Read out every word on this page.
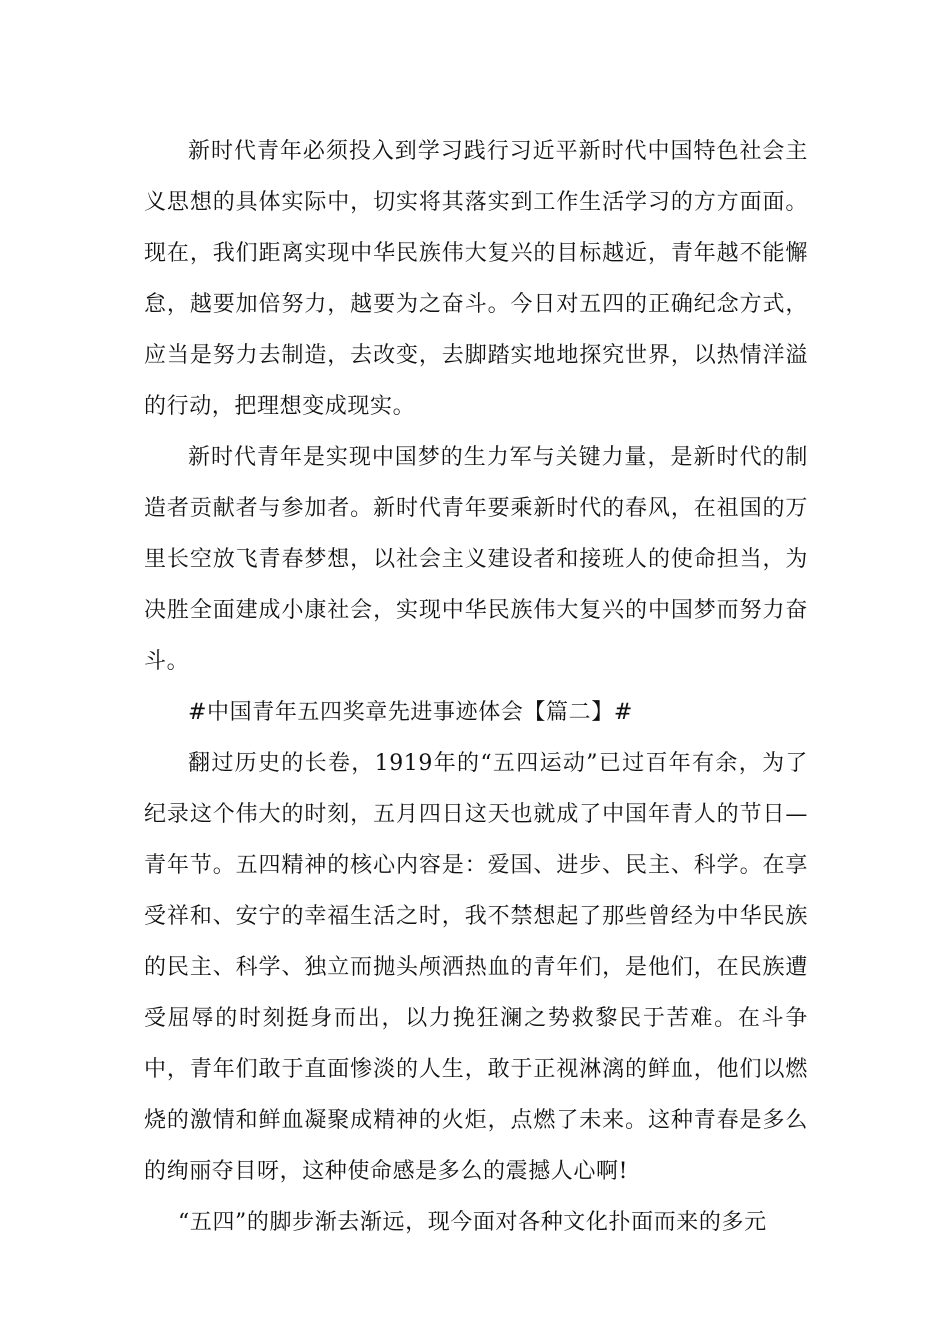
新时代青年必须投入到学习践行习近平新时代中国特色社会主义思想的具体实际中，切实将其落实到工作生活学习的方方面面。现在，我们距离实现中华民族伟大复兴的目标越近，青年越不能懈怠，越要加倍努力，越要为之奋斗。今日对五四的正确纪念方式，应当是努力去制造，去改变，去脚踏实地地探究世界，以热情洋溢的行动，把理想变成现实。

新时代青年是实现中国梦的生力军与关键力量，是新时代的制造者贡献者与参加者。新时代青年要乘新时代的春风，在祖国的万里长空放飞青春梦想，以社会主义建设者和接班人的使命担当，为决胜全面建成小康社会，实现中华民族伟大复兴的中国梦而努力奋斗。

#中国青年五四奖章先进事迹体会【篇二】#

翻过历史的长卷，1919年的“五四运动”已过百年有余，为了纪录这个伟大的时刻，五月四日这天也就成了中国年青人的节日—青年节。五四精神的核心内容是：爱国、进步、民主、科学。在享受祥和、安宁的幸福生活之时，我不禁想起了那些曾经为中华民族的民主、科学、独立而抛头颅洒热血的青年们，是他们，在民族遭受屈辱的时刻挺身而出，以力挽狂澜之势救黎民于苦难。在斗争中，青年们敢于直面惨淡的人生，敢于正视淋漓的鲜血，他们以燃烧的激情和鲜血凝聚成精神的火炬，点燃了未来。这种青春是多么的绚丽夺目呀，这种使命感是多么的震撼人心啊!

“五四”的脚步渐去渐远，现今面对各种文化扑面而来的多元
